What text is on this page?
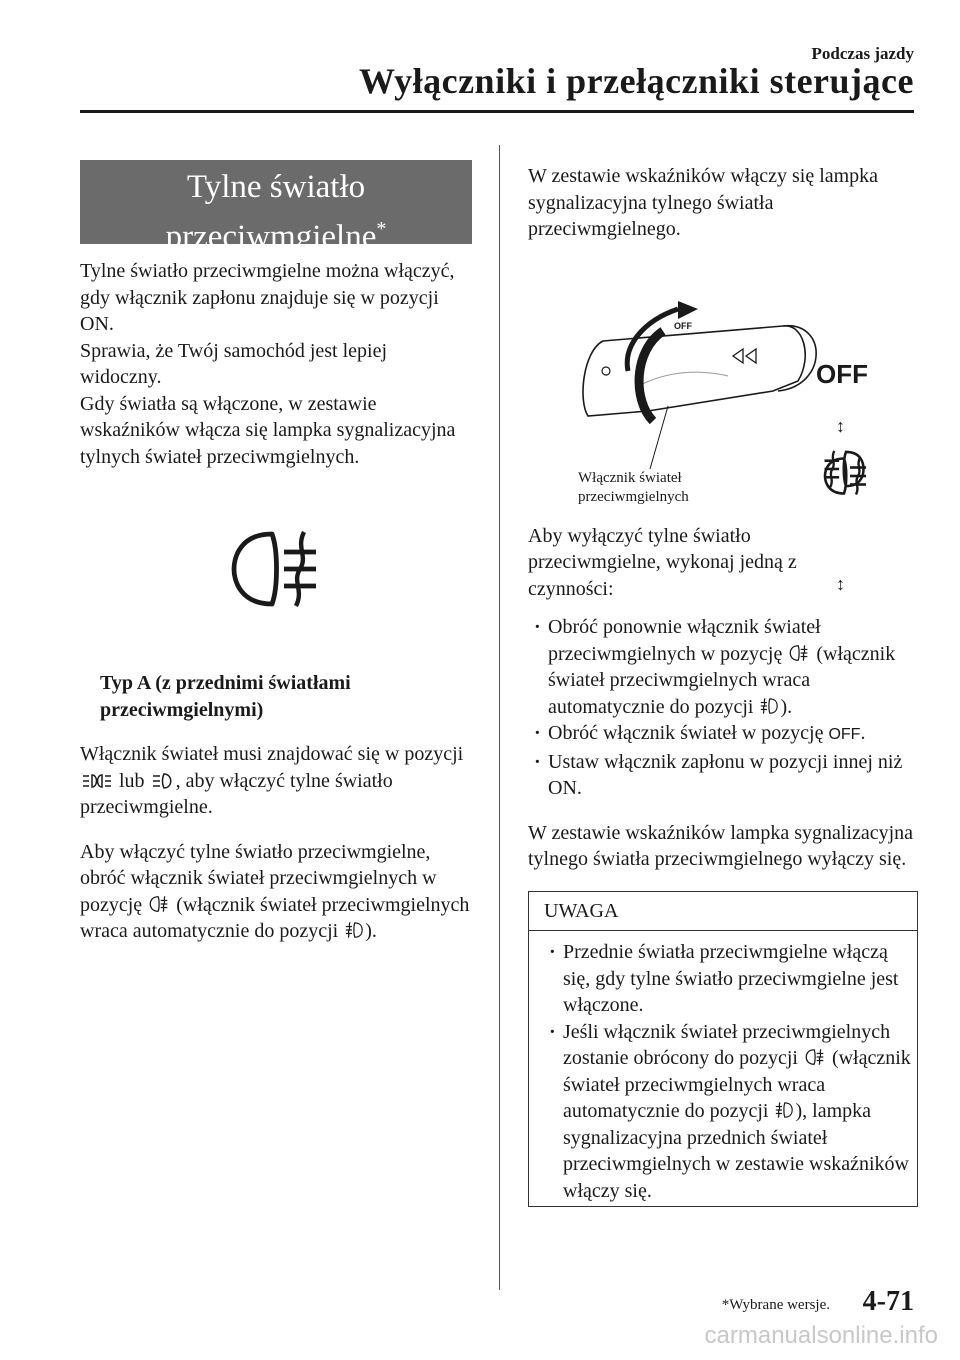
Podczas jazdy
Wyłączniki i przełączniki sterujące
Tylne światło
przeciwmgielne*

Tylne światło przeciwmgielne można włączyć, gdy włącznik zapłonu znajduje się w pozycji ON.

Sprawia, że Twój samochód jest lepiej widoczny.

Gdy światła są włączone, w zestawie wskaźników włącza się lampka sygnalizacyjna tylnych świateł przeciwmgielnych.

Typ A (z przednimi światłami przeciwmgielnymi)

Włącznik świateł musi znajdować się w pozycji  lub , aby włączyć tylne światło przeciwmgielne.

Aby włączyć tylne światło przeciwmgielne, obróć włącznik świateł przeciwmgielnych w pozycję (włącznik świateł przeciwmgielnych wraca automatycznie do pozycji ).

W zestawie wskaźników włączy się lampka sygnalizacyjna tylnego światła przeciwmgielnego.

OFF
OFF
↕
Włącznik świateł
przeciwmgielnych
↕

Aby wyłączyć tylne światło przeciwmgielne, wykonaj jedną z czynności:

· Obróć ponownie włącznik świateł przeciwmgielnych w pozycję (włącznik świateł przeciwmgielnych wraca automatycznie do pozycji ).
· Obróć włącznik świateł w pozycję OFF.
· Ustaw włącznik zapłonu w pozycji innej niż ON.

W zestawie wskaźników lampka sygnalizacyjna tylnego światła przeciwmgielnego wyłączy się.

UWAGA
· Przednie światła przeciwmgielne włączą się, gdy tylne światło przeciwmgielne jest włączone.
· Jeśli włącznik świateł przeciwmgielnych zostanie obrócony do pozycji (włącznik świateł przeciwmgielnych wraca automatycznie do pozycji ), lampka sygnalizacyjna przednich świateł przeciwmgielnych w zestawie wskaźników włączy się.
*Wybrane wersje. 4-71
carmanualsonline.info
